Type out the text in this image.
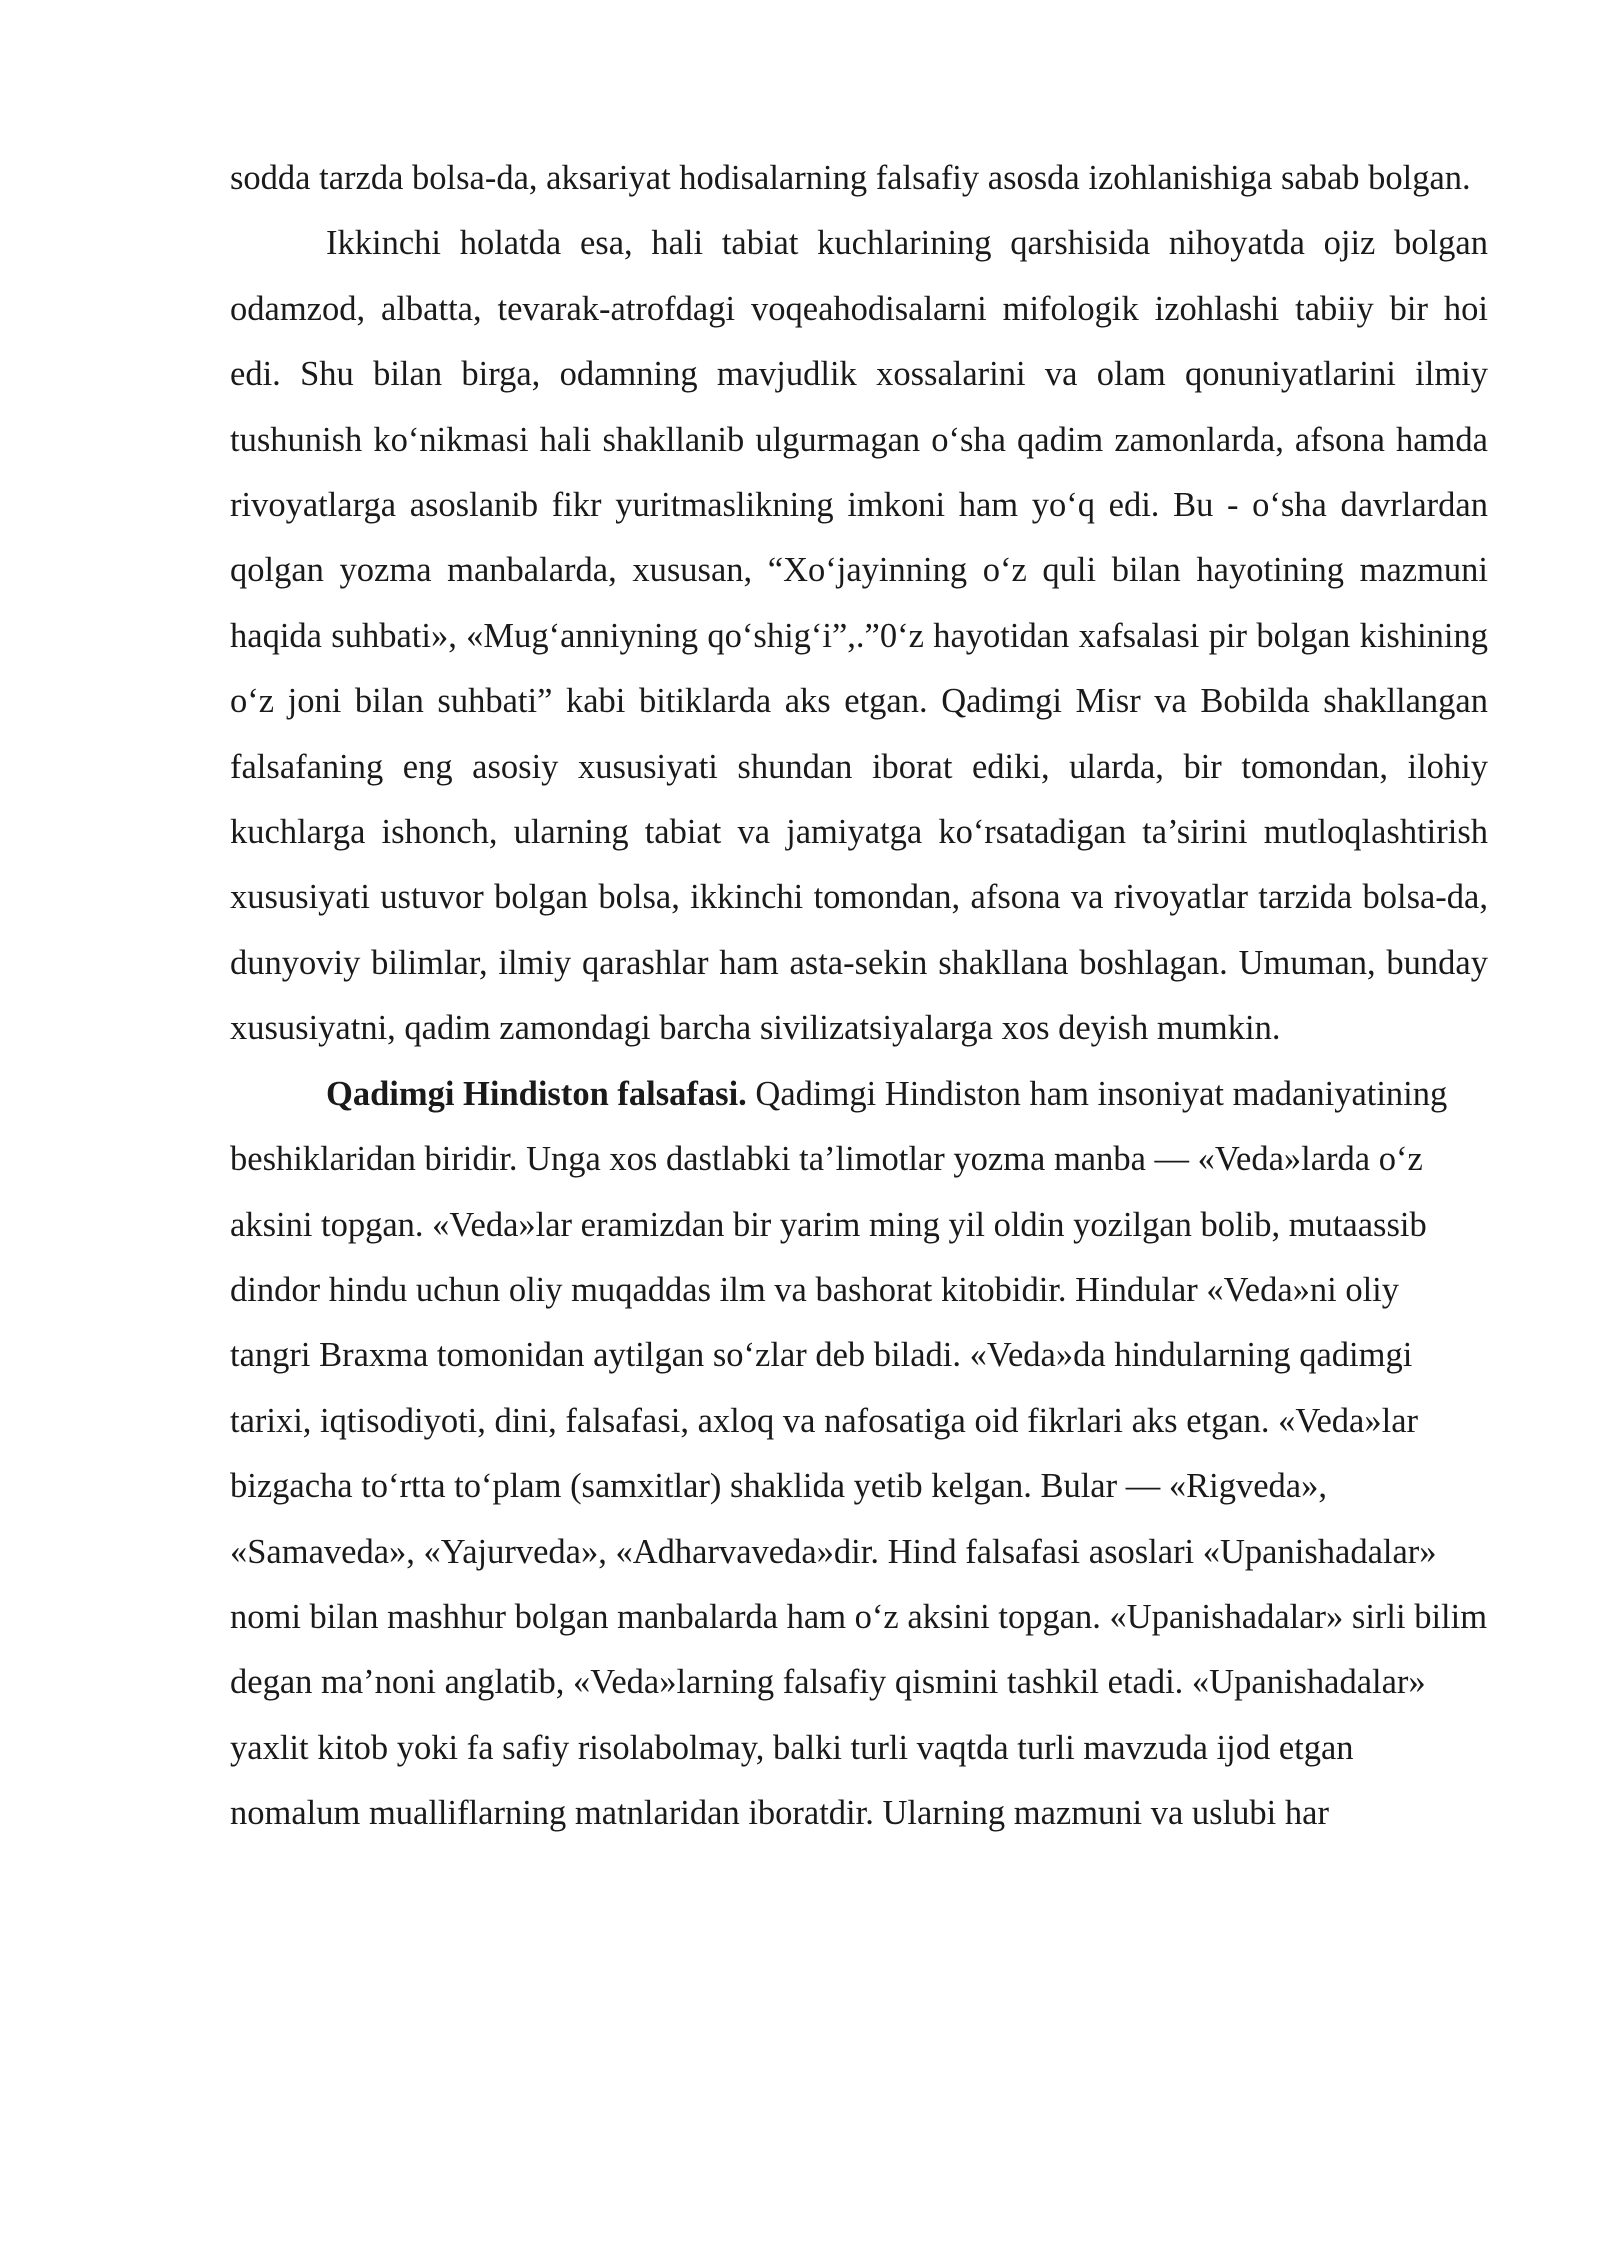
sodda tarzda bolsa-da, aksariyat hodisalarning falsafiy asosda izohlanishiga sabab bolgan.

Ikkinchi holatda esa, hali tabiat kuchlarining qarshisida nihoyatda ojiz bolgan odamzod, albatta, tevarak-atrofdagi voqeahodisalarni mifologik izohlashi tabiiy bir hoi edi. Shu bilan birga, odamning mavjudlik xossalarini va olam qonuniyatlarini ilmiy tushunish koʻnikmasi hali shakllanib ulgurmagan oʻsha qadim zamonlarda, afsona hamda rivoyatlarga asoslanib fikr yuritmaslikning imkoni ham yoʻq edi. Bu - oʻsha davrlardan qolgan yozma manbalarda, xususan, “Xoʻjayinning oʻz quli bilan hayotining mazmuni haqida suhbati», «Mugʻanniyning qoʻshigʻi”,.”0ʻz hayotidan xafsalasi pir bolgan kishining oʻz joni bilan suhbati” kabi bitiklarda aks etgan. Qadimgi Misr va Bobilda shakllangan falsafaning eng asosiy xususiyati shundan iborat ediki, ularda, bir tomondan, ilohiy kuchlarga ishonch, ularning tabiat va jamiyatga koʻrsatadigan ta’sirini mutloqlashtirish xususiyati ustuvor bolgan bolsa, ikkinchi tomondan, afsona va rivoyatlar tarzida bolsa-da, dunyoviy bilimlar, ilmiy qarashlar ham asta-sekin shakllana boshlagan. Umuman, bunday xususiyatni, qadim zamondagi barcha sivilizatsiyalarga xos deyish mumkin.

Qadimgi Hindiston falsafasi. Qadimgi Hindiston ham insoniyat madaniyatining beshiklaridan biridir. Unga xos dastlabki ta’limotlar yozma manba — «Veda»larda oʻz aksini topgan. «Veda»lar eramizdan bir yarim ming yil oldin yozilgan bolib, mutaassib dindor hindu uchun oliy muqaddas ilm va bashorat kitobidir. Hindular «Veda»ni oliy tangri Braxma tomonidan aytilgan soʻzlar deb biladi. «Veda»da hindularning qadimgi tarixi, iqtisodiyoti, dini, falsafasi, axloq va nafosatiga oid fikrlari aks etgan. «Veda»lar bizgacha toʻrtta toʻplam (samxitlar) shaklida yetib kelgan. Bular — «Rigveda», «Samaveda», «Yajurveda», «Adharvaveda»dir. Hind falsafasi asoslari «Upanishadalar» nomi bilan mashhur bolgan manbalarda ham oʻz aksini topgan. «Upanishadalar» sirli bilim degan ma’noni anglatib, «Veda»larning falsafiy qismini tashkil etadi. «Upanishadalar» yaxlit kitob yoki fa safiy risolabolmay, balki turli vaqtda turli mavzuda ijod etgan nomalum mualliflarning matnlaridan iboratdir. Ularning mazmuni va uslubi har
